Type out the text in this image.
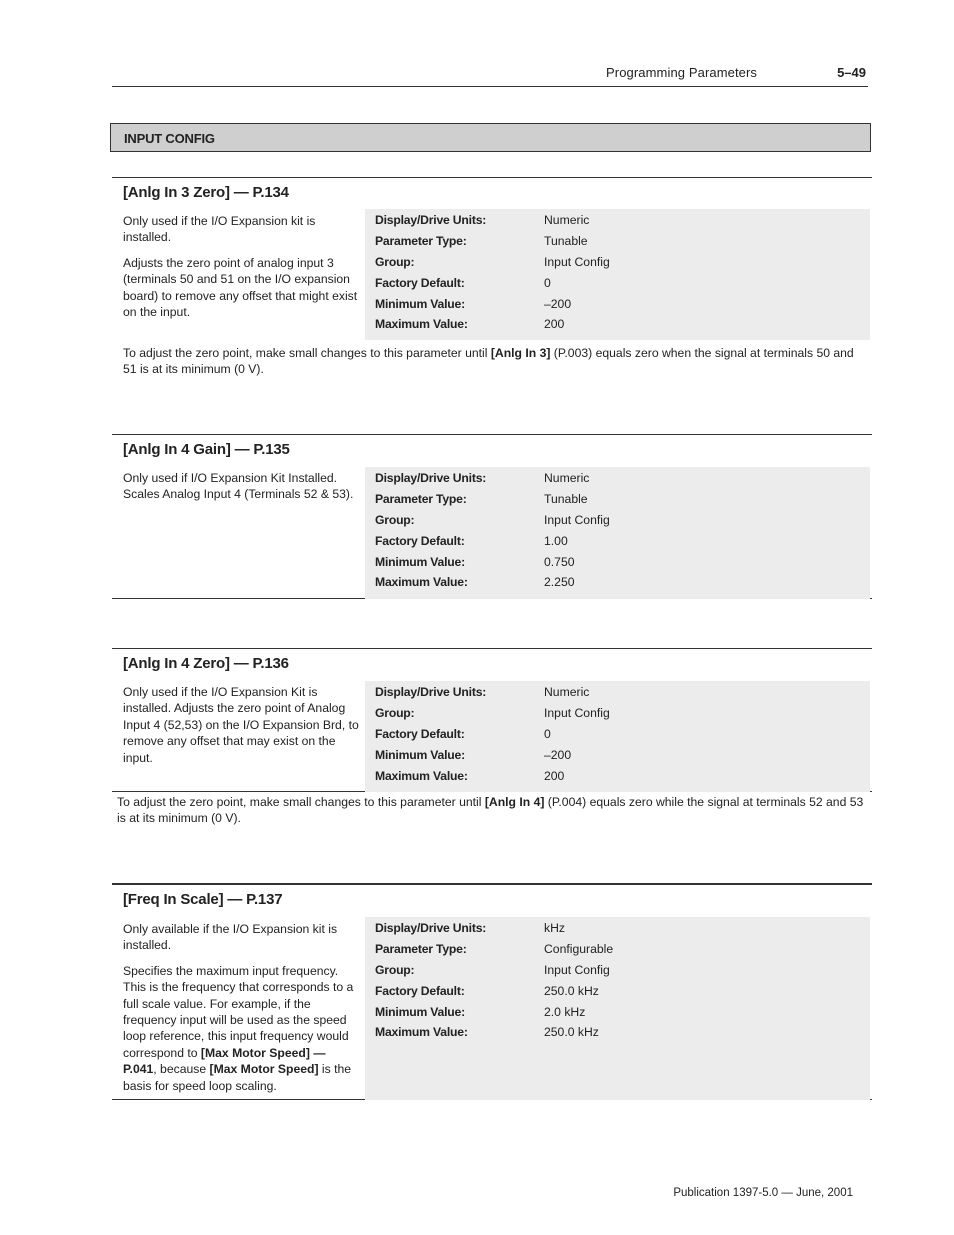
Programming Parameters	5–49
INPUT CONFIG
[Anlg In 3 Zero] — P.134

Only used if the I/O Expansion kit is installed.

Adjusts the zero point of analog input 3 (terminals 50 and 51 on the I/O expansion board) to remove any offset that might exist on the input.

Display/Drive Units:	Numeric
Parameter Type:	Tunable
Group:	Input Config
Factory Default:	0
Minimum Value:	–200
Maximum Value:	200
To adjust the zero point, make small changes to this parameter until [Anlg In 3] (P.003) equals zero when the signal at terminals 50 and 51 is at its minimum (0 V).
[Anlg In 4 Gain] — P.135

Only used if I/O Expansion Kit Installed. Scales Analog Input 4 (Terminals 52 & 53).

Display/Drive Units:	Numeric
Parameter Type:	Tunable
Group:	Input Config
Factory Default:	1.00
Minimum Value:	0.750
Maximum Value:	2.250
[Anlg In 4 Zero] — P.136

Only used if the I/O Expansion Kit is installed. Adjusts the zero point of Analog Input 4 (52,53) on the I/O Expansion Brd, to remove any offset that may exist on the input.

Display/Drive Units:	Numeric
Group:	Input Config
Factory Default:	0
Minimum Value:	–200
Maximum Value:	200
To adjust the zero point, make small changes to this parameter until [Anlg In 4] (P.004) equals zero while the signal at terminals 52 and 53 is at its minimum (0 V).
[Freq In Scale] — P.137

Only available if the I/O Expansion kit is installed.

Specifies the maximum input frequency. This is the frequency that corresponds to a full scale value. For example, if the frequency input will be used as the speed loop reference, this input frequency would correspond to [Max Motor Speed] — P.041, because [Max Motor Speed] is the basis for speed loop scaling.

Display/Drive Units:	kHz
Parameter Type:	Configurable
Group:	Input Config
Factory Default:	250.0 kHz
Minimum Value:	2.0 kHz
Maximum Value:	250.0 kHz
Publication 1397-5.0 — June, 2001
